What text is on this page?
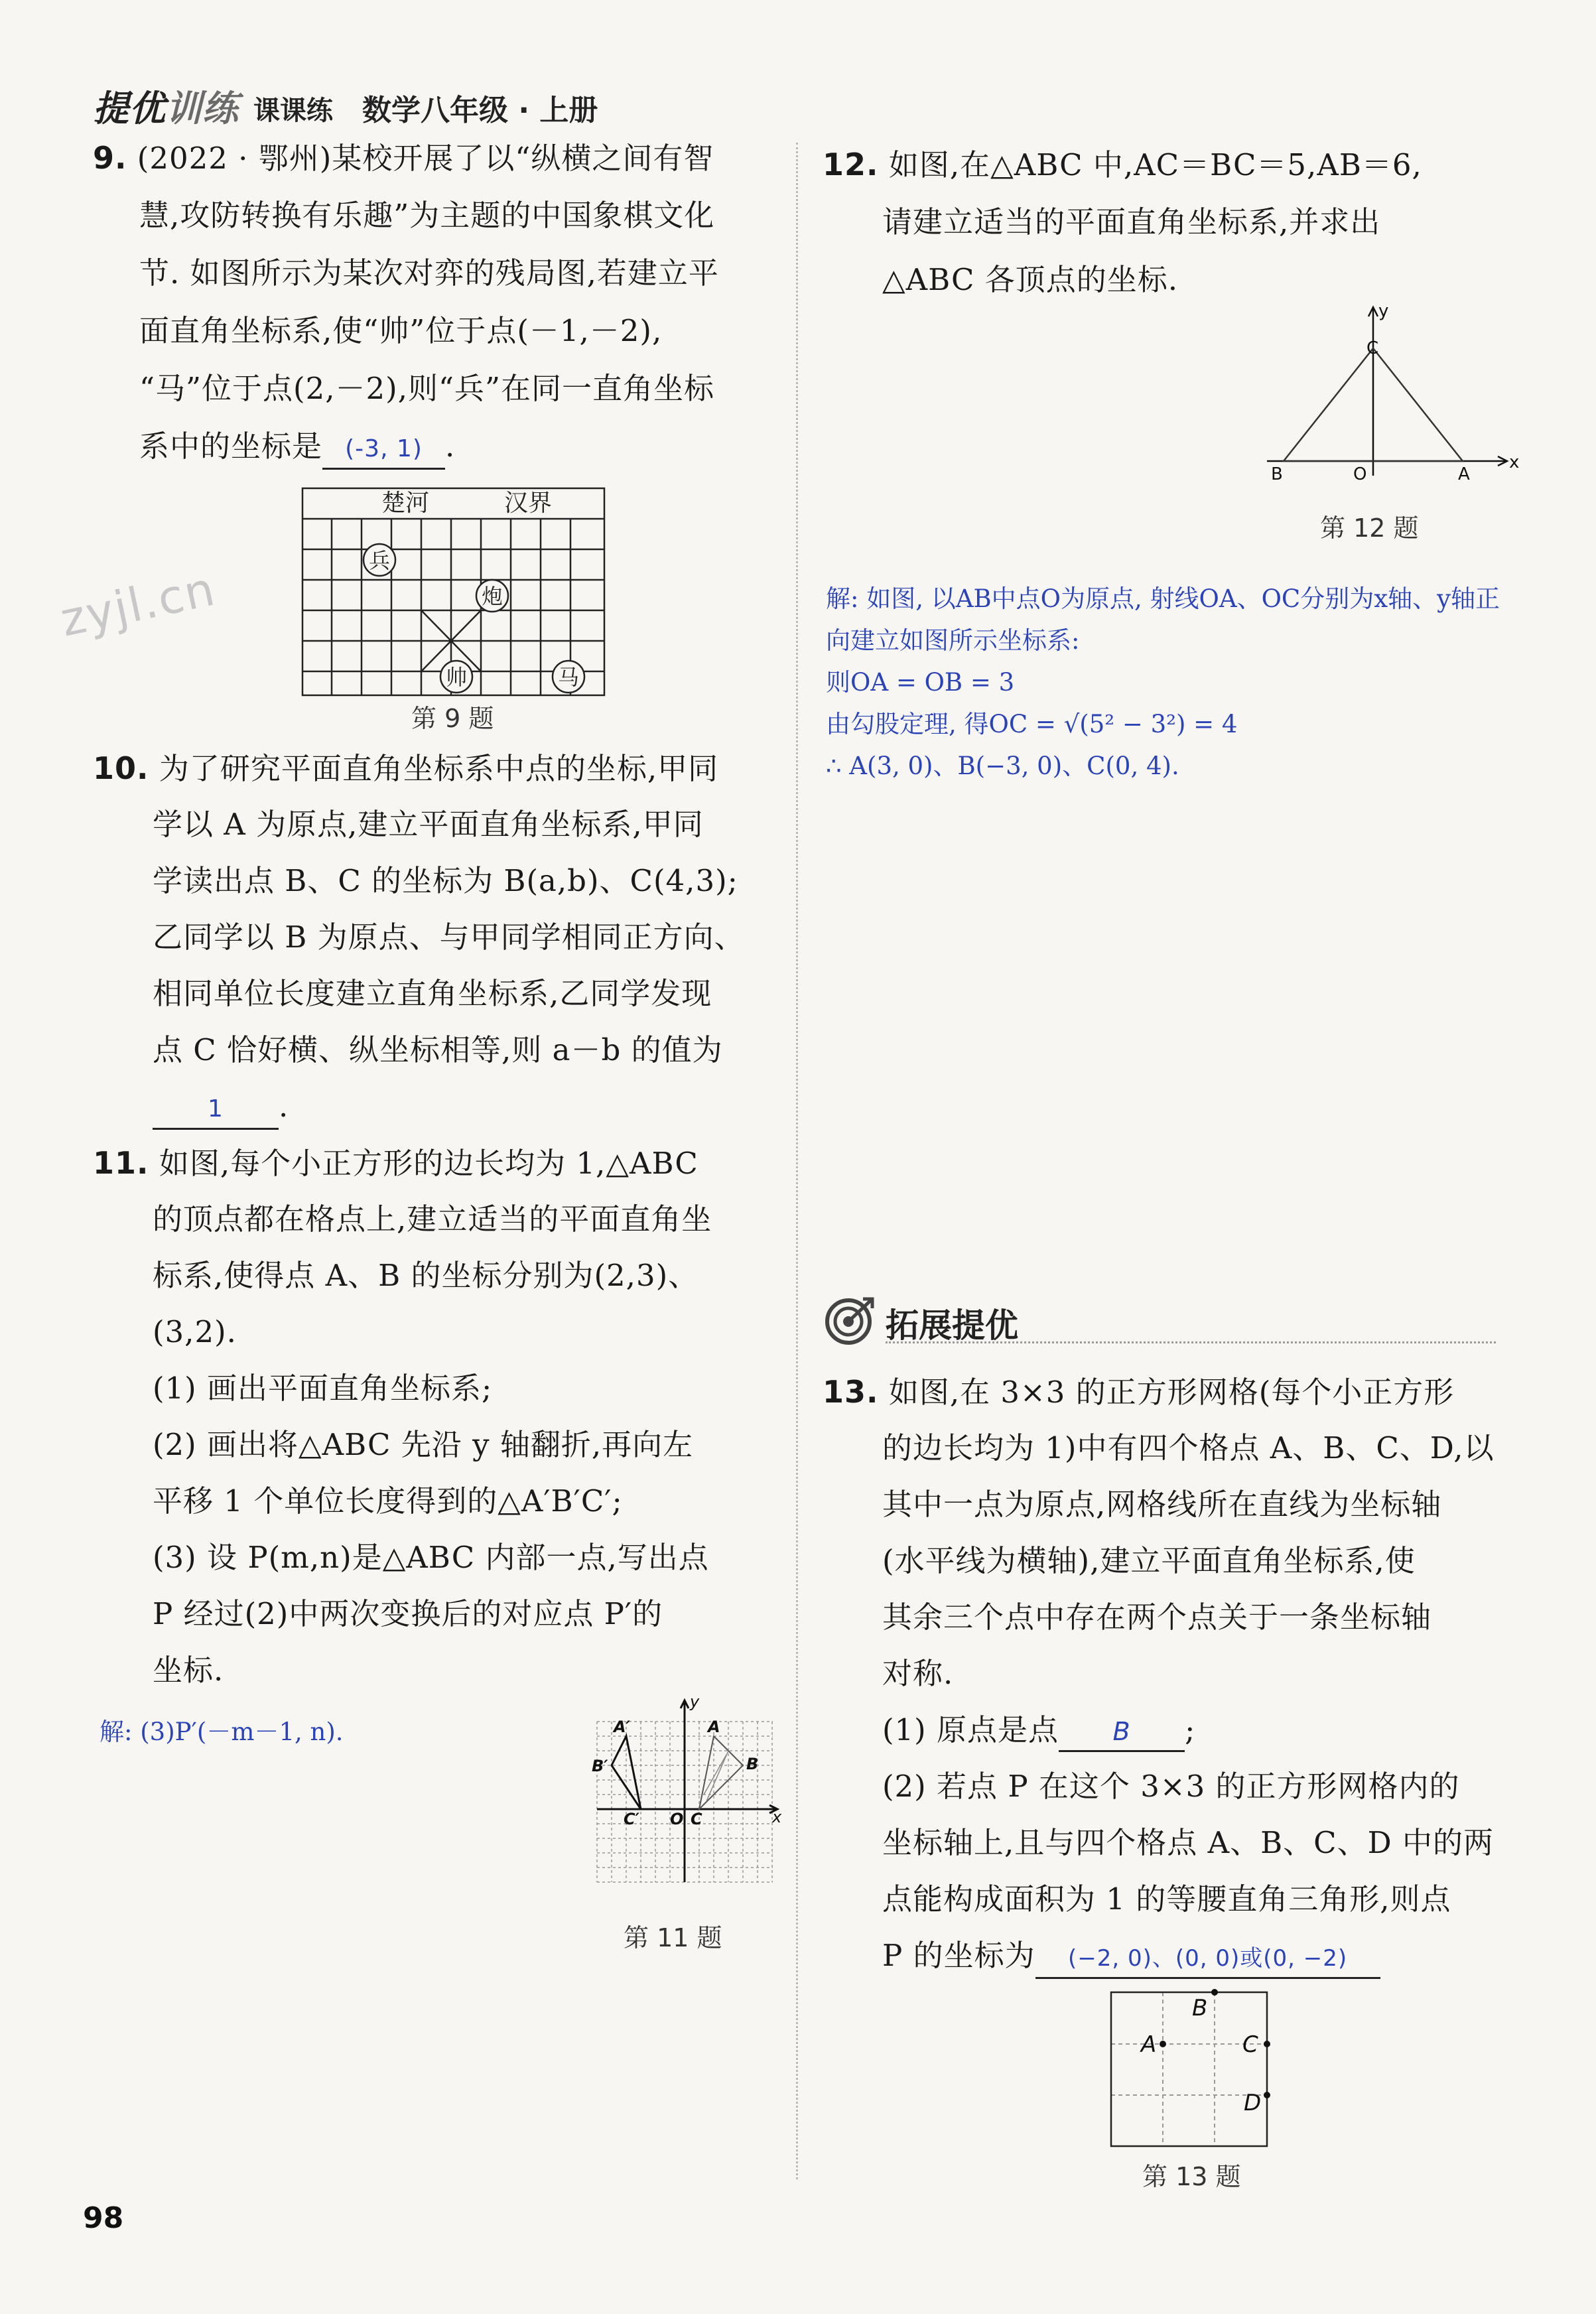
提优训练 课课练 数学八年级 · 上册
zyjl.cn
9. (2022 · 鄂州)某校开展了以“纵横之间有智
慧,攻防转换有乐趣”为主题的中国象棋文化
节. 如图所示为某次对弈的残局图,若建立平
面直角坐标系,使“帅”位于点(－1,－2),
“马”位于点(2,－2),则“兵”在同一直角坐标
系中的坐标是 (-3, 1) .
楚河	汉界
兵
炮
帅	马
第 9 题
10. 为了研究平面直角坐标系中点的坐标,甲同
学以 A 为原点,建立平面直角坐标系,甲同
学读出点 B、C 的坐标为 B(a,b)、C(4,3);
乙同学以 B 为原点、与甲同学相同正方向、
相同单位长度建立直角坐标系,乙同学发现
点 C 恰好横、纵坐标相等,则 a－b 的值为
1 .
11. 如图,每个小正方形的边长均为 1,△ABC
的顶点都在格点上,建立适当的平面直角坐
标系,使得点 A、B 的坐标分别为(2,3)、
(3,2).
(1) 画出平面直角坐标系;
(2) 画出将△ABC 先沿 y 轴翻折,再向左
平移 1 个单位长度得到的△A′B′C′;
(3) 设 P(m,n)是△ABC 内部一点,写出点
P 经过(2)中两次变换后的对应点 P′的
坐标.
解: (3)P′(－m－1, n).
y
x
O
A′
B′
C′
A
B
C
第 11 题
12. 如图,在△ABC 中,AC＝BC＝5,AB＝6,
请建立适当的平面直角坐标系,并求出
△ABC 各顶点的坐标.
y
x
C
B	O	A
第 12 题
解: 如图, 以AB中点O为原点, 射线OA、OC分别为x轴、y轴正
向建立如图所示坐标系:
则OA = OB = 3
由勾股定理, 得OC = √(5² − 3²) = 4
∴ A(3, 0)、B(−3, 0)、C(0, 4).
拓展提优
13. 如图,在 3×3 的正方形网格(每个小正方形
的边长均为 1)中有四个格点 A、B、C、D,以
其中一点为原点,网格线所在直线为坐标轴
(水平线为横轴),建立平面直角坐标系,使
其余三个点中存在两个点关于一条坐标轴
对称.
(1) 原点是点 B ;
(2) 若点 P 在这个 3×3 的正方形网格内的
坐标轴上,且与四个格点 A、B、C、D 中的两
点能构成面积为 1 的等腰直角三角形,则点
P 的坐标为 (−2, 0)、(0, 0)或(0, −2)
B
A	C
D
第 13 题
98
